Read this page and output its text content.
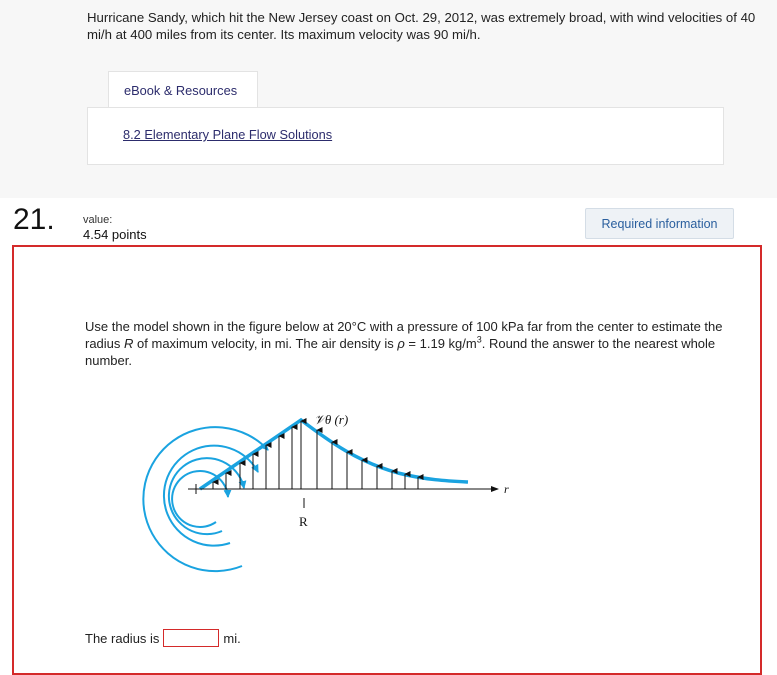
Hurricane Sandy, which hit the New Jersey coast on Oct. 29, 2012, was extremely broad, with wind velocities of 40 mi/h at 400 miles from its center. Its maximum velocity was 90 mi/h.
eBook & Resources
8.2 Elementary Plane Flow Solutions
21.	value:
4.54 points
Required information
Use the model shown in the figure below at 20°C with a pressure of 100 kPa far from the center to estimate the radius R of maximum velocity, in mi. The air density is ρ = 1.19 $kg/m^3$. Round the answer to the nearest whole number.
𝒱θ (r)
r
R
The radius is	mi.
